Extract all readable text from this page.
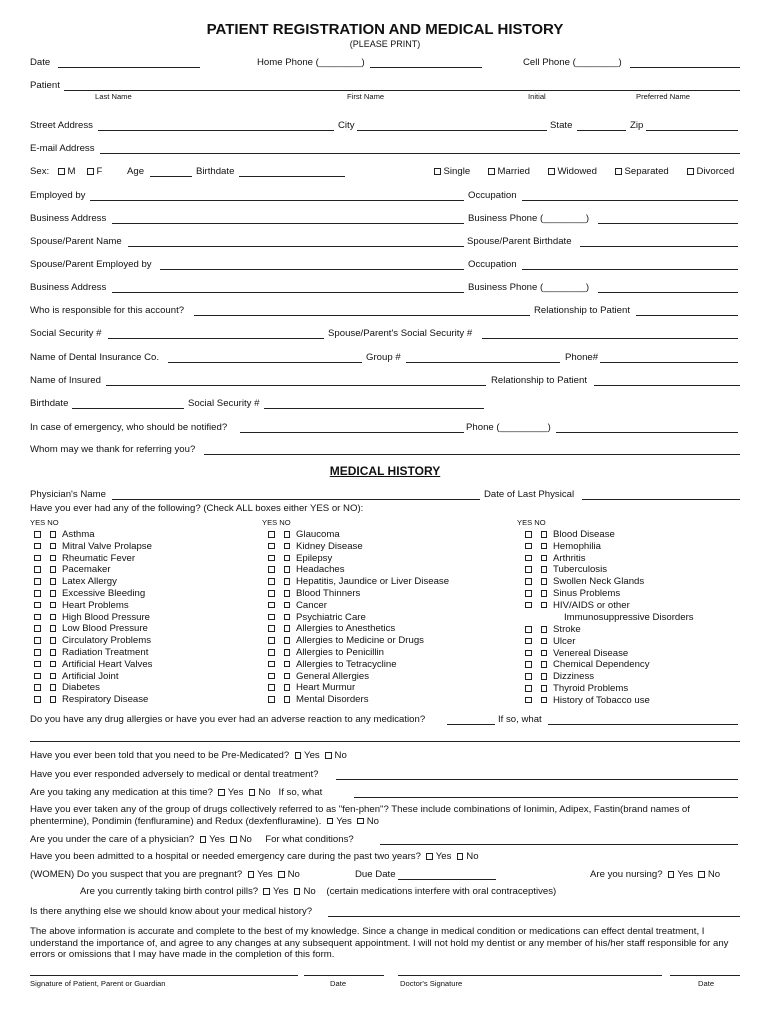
PATIENT REGISTRATION AND MEDICAL HISTORY
(PLEASE PRINT)
Date	Home Phone (________)	Cell Phone (________)
Patient
Last Name	First Name	Initial	Preferred Name
Street Address	City	State	Zip
E-mail Address
Sex:	M	F	Age	Birthdate	Single	Married	Widowed	Separated	Divorced
Employed by	Occupation
Business Address	Business Phone (________)
Spouse/Parent Name	Spouse/Parent Birthdate
Spouse/Parent Employed by	Occupation
Business Address	Business Phone (________)
Who is responsible for this account?	Relationship to Patient
Social Security #	Spouse/Parent's Social Security #
Name of Dental Insurance Co.	Group #	Phone#
Name of Insured	Relationship to Patient
Birthdate	Social Security #
In case of emergency, who should be notified?	Phone (_________)
Whom may we thank for referring you?
MEDICAL HISTORY
Physician's Name	Date of Last Physical
Have you ever had any of the following? (Check ALL boxes either YES or NO):
YES NO	YES NO	YES NO
Asthma
Mitral Valve Prolapse
Rheumatic Fever
Pacemaker
Latex Allergy
Excessive Bleeding
Heart Problems
High Blood Pressure
Low Blood Pressure
Circulatory Problems
Radiation Treatment
Artificial Heart Valves
Artificial Joint
Diabetes
Respiratory Disease
Glaucoma
Kidney Disease
Epilepsy
Headaches
Hepatitis, Jaundice or Liver Disease
Blood Thinners
Cancer
Psychiatric Care
Allergies to Anesthetics
Allergies to Medicine or Drugs
Allergies to Penicillin
Allergies to Tetracycline
General Allergies
Heart Murmur
Mental Disorders
Blood Disease
Hemophilia
Arthritis
Tuberculosis
Swollen Neck Glands
Sinus Problems
HIV/AIDS or other
Immunosuppressive Disorders
Stroke
Ulcer
Venereal Disease
Chemical Dependency
Dizziness
Thyroid Problems
History of Tobacco use
Do you have any drug allergies or have you ever had an adverse reaction to any medication?	If so, what
Have you ever been told that you need to be Pre-Medicated? Yes No
Have you ever responded adversely to medical or dental treatment?
Are you taking any medication at this time? Yes No If so, what
Have you ever taken any of the group of drugs collectively referred to as "fen-phen"? These include combinations of Ionimin, Adipex, Fastin(brand names of phentermine), Pondimin (fenfluramine) and Redux (dexfenflurамine). Yes No
Are you under the care of a physician? Yes No For what conditions?
Have you been admitted to a hospital or needed emergency care during the past two years? Yes No
(WOMEN) Do you suspect that you are pregnant? Yes No	Due Date	Are you nursing? Yes No
Are you currently taking birth control pills? Yes No (certain medications interfere with oral contraceptives)
Is there anything else we should know about your medical history?
The above information is accurate and complete to the best of my knowledge. Since a change in medical condition or medications can effect dental treatment, I understand the importance of, and agree to any changes at any subsequent appointment. I will not hold my dentist or any member of his/her staff responsible for any errors or omissions that I may have made in the completion of this form.
Signature of Patient, Parent or Guardian	Date	Doctor's Signature	Date
